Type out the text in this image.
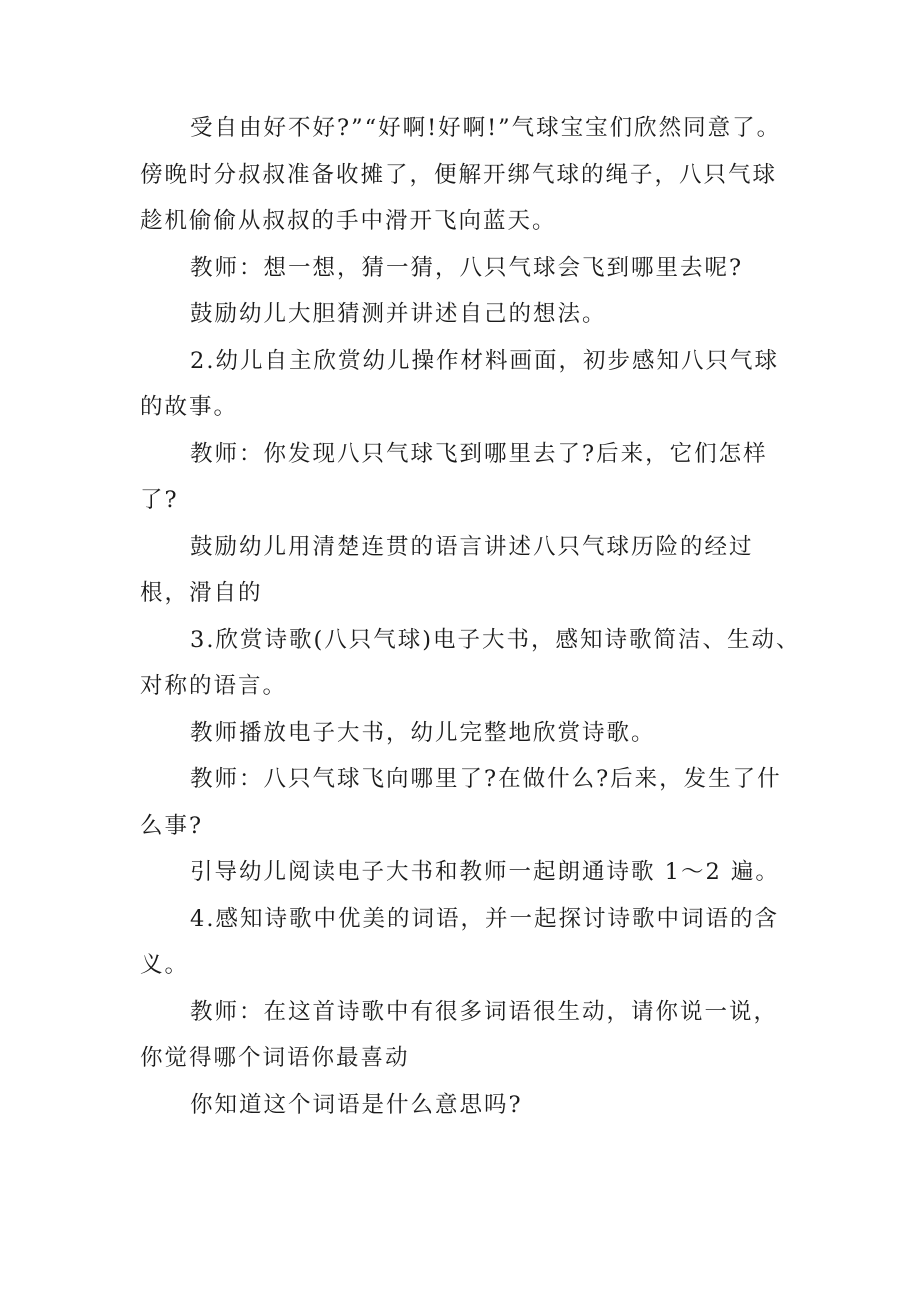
受自由好不好?”“好啊!好啊!”气球宝宝们欣然同意了。
傍晚时分叔叔准备收摊了，便解开绑气球的绳子，八只气球
趁机偷偷从叔叔的手中滑开飞向蓝天。

教师：想一想，猜一猜，八只气球会飞到哪里去呢?

鼓励幼儿大胆猜测并讲述自己的想法。

2.幼儿自主欣赏幼儿操作材料画面，初步感知八只气球
的故事。

教师：你发现八只气球飞到哪里去了?后来，它们怎样
了?

鼓励幼儿用清楚连贯的语言讲述八只气球历险的经过
根，滑自的

3.欣赏诗歌(八只气球)电子大书，感知诗歌简洁、生动、
对称的语言。

教师播放电子大书，幼儿完整地欣赏诗歌。

教师：八只气球飞向哪里了?在做什么?后来，发生了什
么事?

引导幼儿阅读电子大书和教师一起朗通诗歌 1～2 遍。

4.感知诗歌中优美的词语，并一起探讨诗歌中词语的含
义。

教师：在这首诗歌中有很多词语很生动，请你说一说，
你觉得哪个词语你最喜动

你知道这个词语是什么意思吗?
